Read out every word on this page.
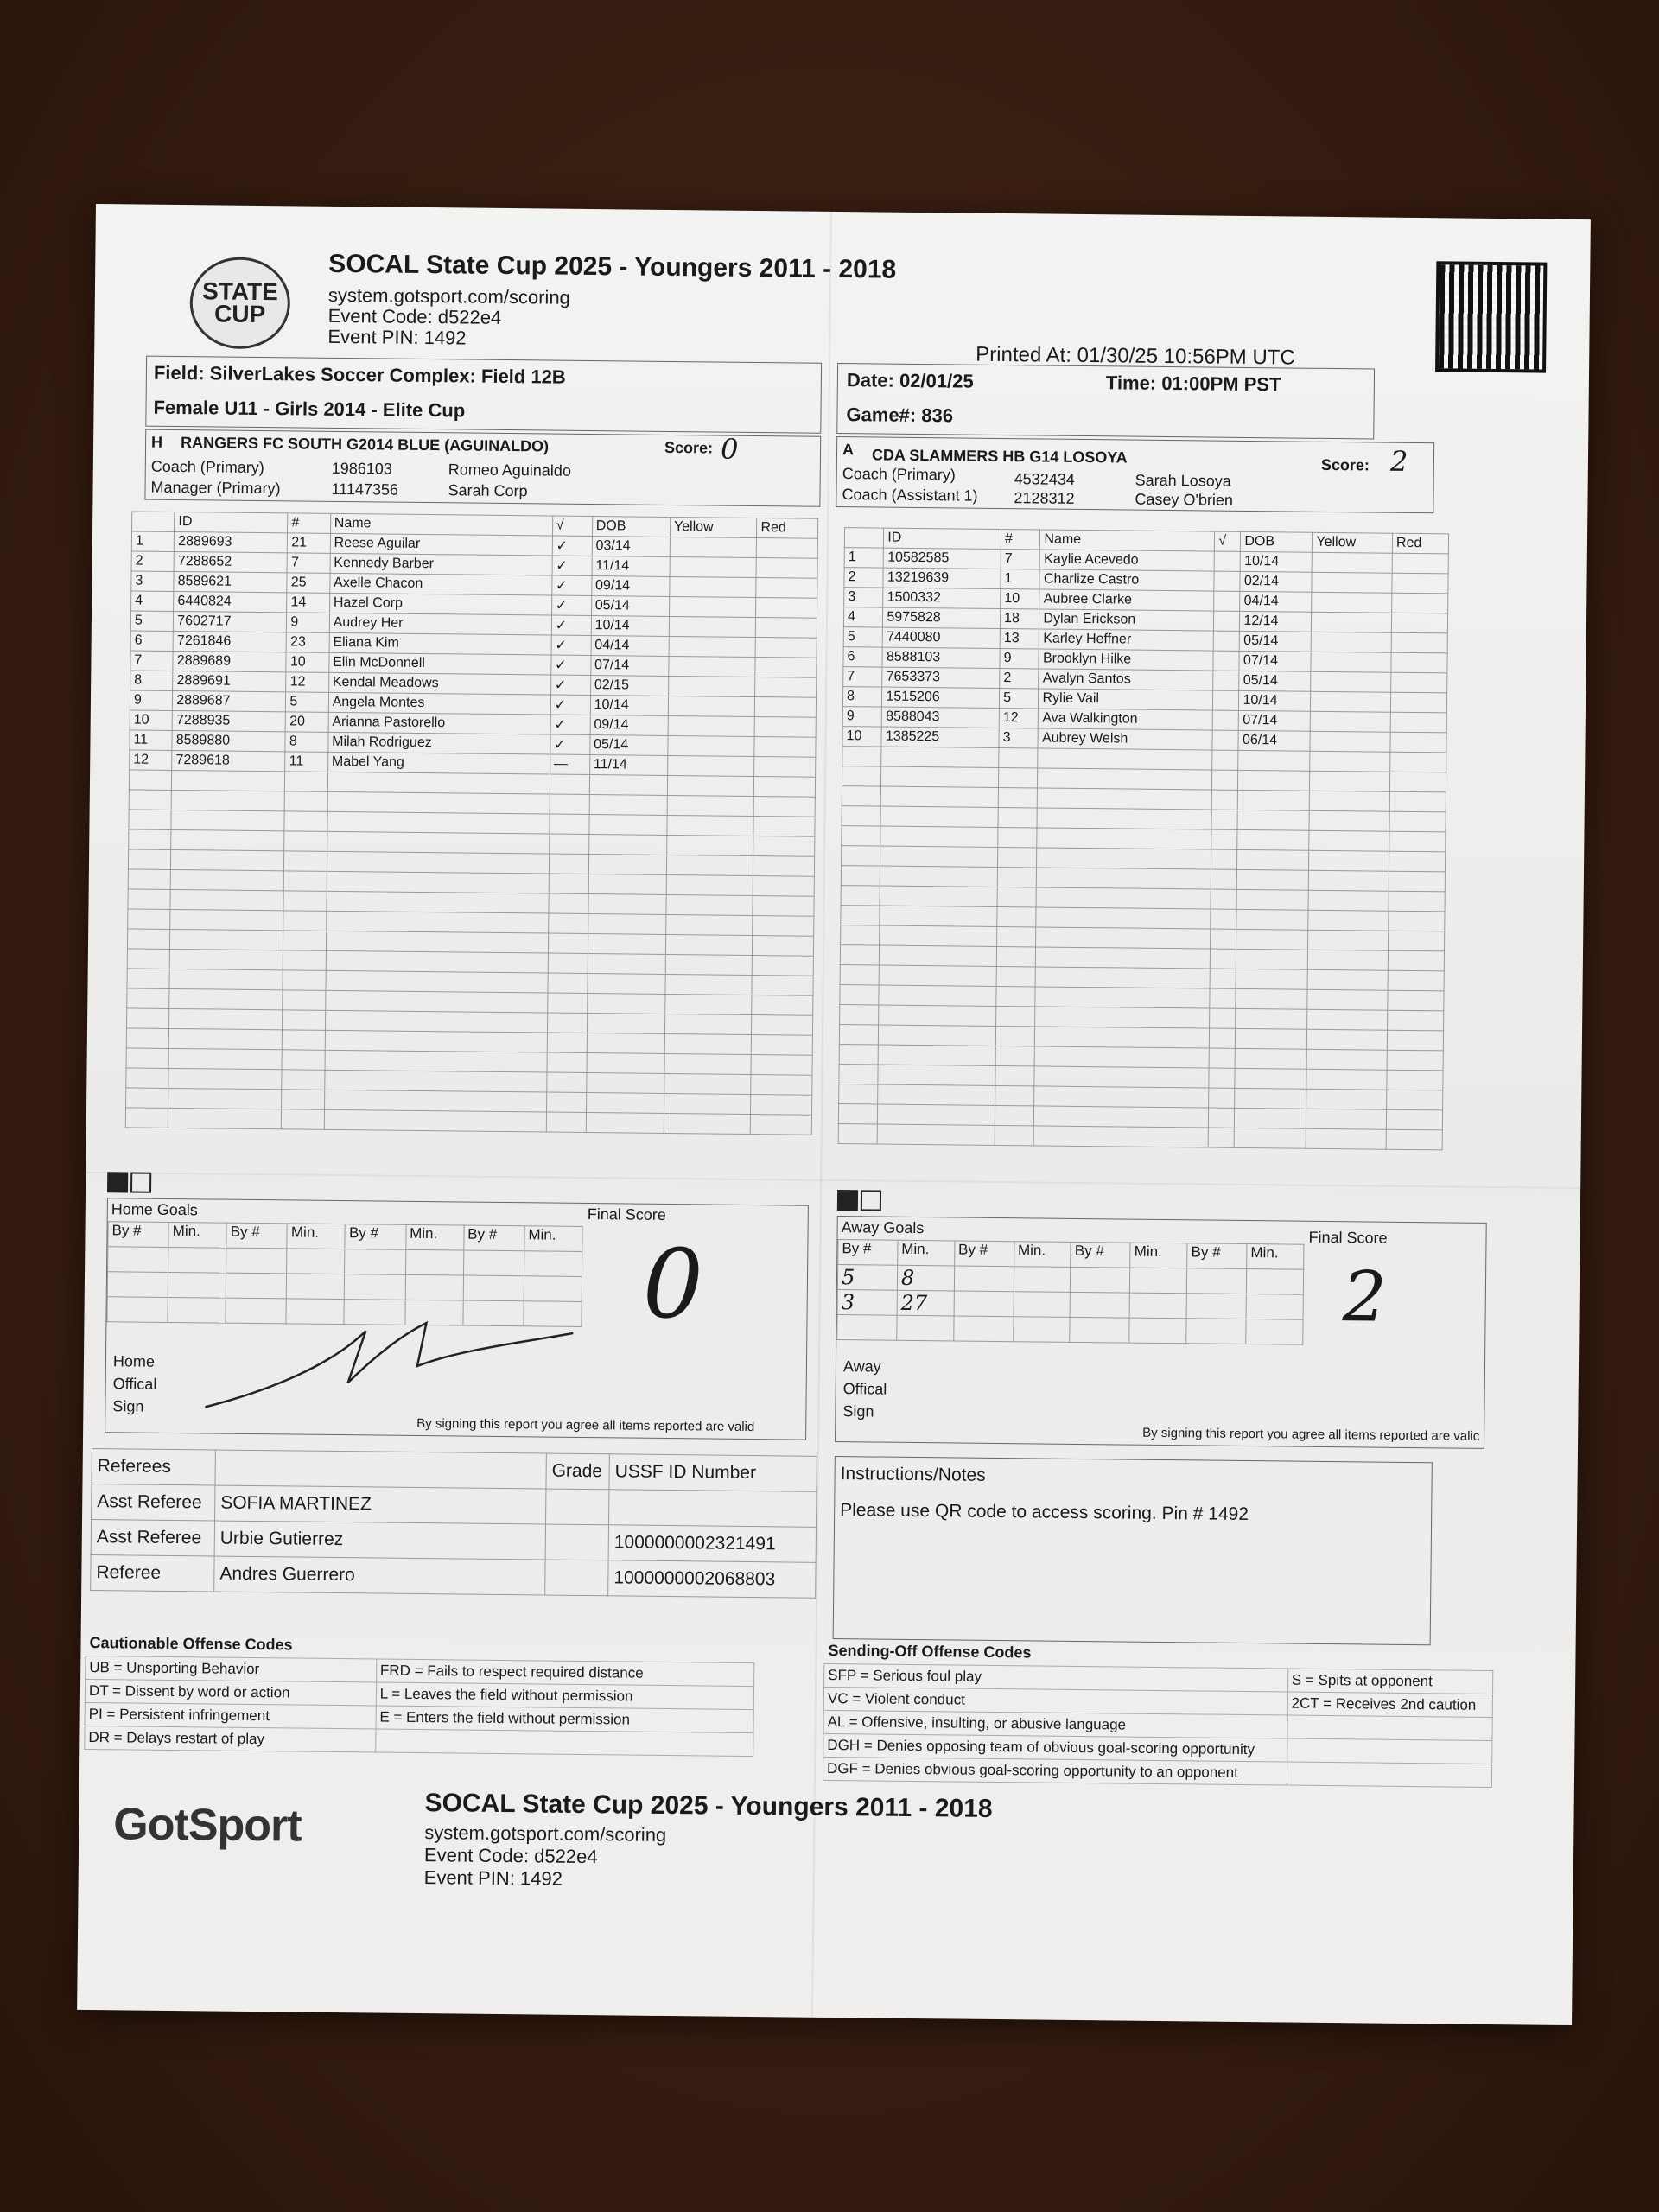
STATE
CUP
SOCAL State Cup 2025 - Youngers 2011 - 2018
system.gotsport.com/scoring
Event Code: d522e4
Event PIN: 1492
Printed At: 01/30/25 10:56PM UTC
Field: SilverLakes Soccer Complex: Field 12B
Female U11 - Girls 2014 - Elite Cup
Date: 02/01/25	Time: 01:00PM PST
Game#: 836
H RANGERS FC SOUTH G2014 BLUE (AGUINALDO)	Score: 0
Coach (Primary)	1986103	Romeo Aguinaldo
Manager (Primary)	11147356	Sarah Corp
A CDA SLAMMERS HB G14 LOSOYA	Score: 2
Coach (Primary)	4532434	Sarah Losoya
Coach (Assistant 1) 2128312	Casey O'brien
	ID	#	Name	√	DOB	Yellow	Red
1	2889693	21	Reese Aguilar	✓	03/14		
2	7288652	7	Kennedy Barber	✓	11/14		
3	8589621	25	Axelle Chacon	✓	09/14		
4	6440824	14	Hazel Corp	✓	05/14		
5	7602717	9	Audrey Her	✓	10/14		
6	7261846	23	Eliana Kim	✓	04/14		
7	2889689	10	Elin McDonnell	✓	07/14		
8	2889691	12	Kendal Meadows	✓	02/15		
9	2889687	5	Angela Montes	✓	10/14		
10	7288935	20	Arianna Pastorello	✓	09/14		
11	8589880	8	Milah Rodriguez	✓	05/14		
12	7289618	11	Mabel Yang	—	11/14		

	ID	#	Name	√	DOB	Yellow	Red
1	10582585	7	Kaylie Acevedo		10/14		
2	13219639	1	Charlize Castro		02/14		
3	1500332	10	Aubree Clarke		04/14		
4	5975828	18	Dylan Erickson		12/14		
5	7440080	13	Karley Heffner		05/14		
6	8588103	9	Brooklyn Hilke		07/14		
7	7653373	2	Avalyn Santos		05/14		
8	1515206	5	Rylie Vail		10/14		
9	8588043	12	Ava Walkington		07/14		
10	1385225	3	Aubrey Welsh		06/14		

Home Goals	Final Score
By #	Min.	By #	Min.	By #	Min.	By #	Min.

							0
Home
Offical
Sign
By signing this report you agree all items reported are valid
Away Goals
Final Score
By #	Min.	By #	Min.	By #	Min.	By #	Min.
5	8						
3	27						
								2
Away
Offical
Sign
By signing this report you agree all items reported are valic
Referees		Grade	USSF ID Number
Asst Referee	SOFIA MARTINEZ		
Asst Referee	Urbie Gutierrez		1000000002321491
Referee	Andres Guerrero		1000000002068803
Instructions/Notes
Please use QR code to access scoring. Pin # 1492
Cautionable Offense Codes
UB = Unsporting Behavior	FRD = Fails to respect required distance
DT = Dissent by word or action	L = Leaves the field without permission
PI = Persistent infringement	E = Enters the field without permission
DR = Delays restart of play	
Sending-Off Offense Codes
SFP = Serious foul play	S = Spits at opponent
VC = Violent conduct	2CT = Receives 2nd caution
AL = Offensive, insulting, or abusive language	
DGH = Denies opposing team of obvious goal-scoring opportunity	
DGF = Denies obvious goal-scoring opportunity to an opponent	
GotSport	SOCAL State Cup 2025 - Youngers 2011 - 2018
system.gotsport.com/scoring
Event Code: d522e4
Event PIN: 1492
